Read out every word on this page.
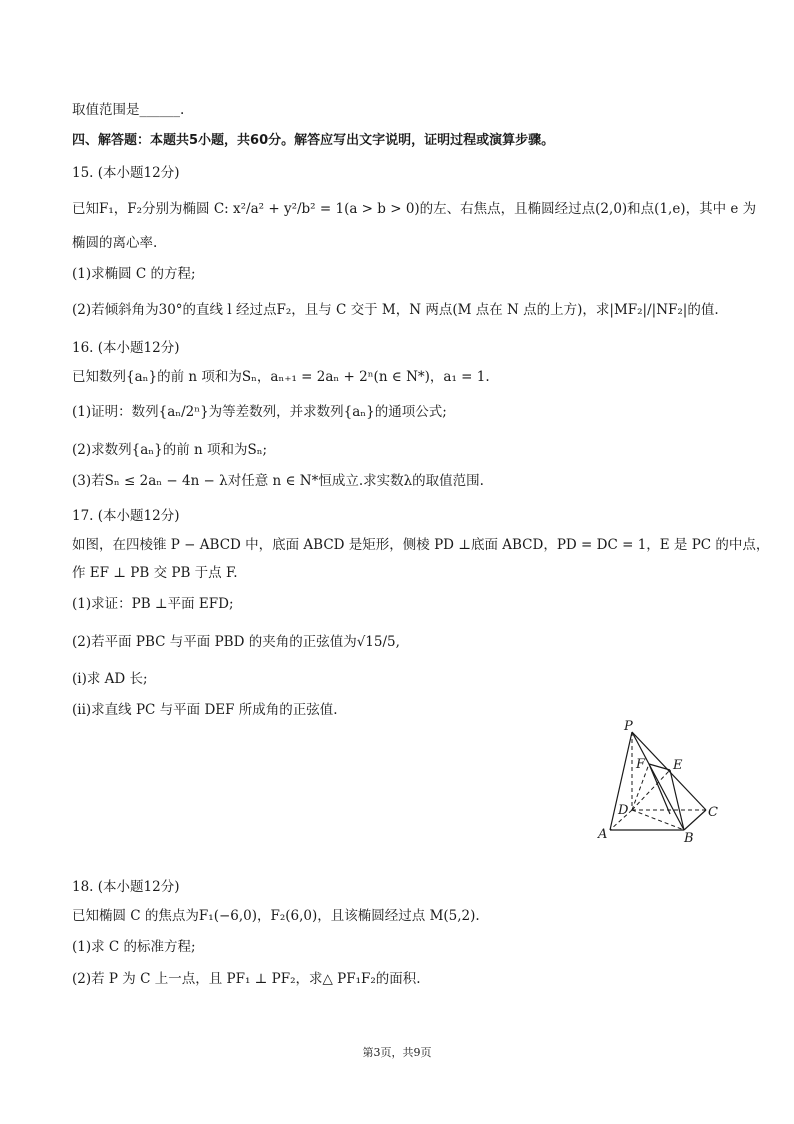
取值范围是______.
四、解答题：本题共5小题，共60分。解答应写出文字说明，证明过程或演算步骤。
15. (本小题12分)
已知F₁，F₂分别为椭圆 C: x²/a² + y²/b² = 1(a > b > 0)的左、右焦点，且椭圆经过点(2,0)和点(1,e)，其中 e 为
椭圆的离心率.
(1)求椭圆 C 的方程;
(2)若倾斜角为30°的直线 l 经过点F₂，且与 C 交于 M，N 两点(M 点在 N 点的上方)，求|MF₂|/|NF₂|的值.
16. (本小题12分)
已知数列{aₙ}的前 n 项和为Sₙ，aₙ₊₁ = 2aₙ + 2ⁿ(n ∈ N*)，a₁ = 1.
(1)证明：数列{aₙ/2ⁿ}为等差数列，并求数列{aₙ}的通项公式;
(2)求数列{aₙ}的前 n 项和为Sₙ;
(3)若Sₙ ≤ 2aₙ − 4n − λ对任意 n ∈ N*恒成立.求实数λ的取值范围.
17. (本小题12分)
如图，在四棱锥 P − ABCD 中，底面 ABCD 是矩形，侧棱 PD ⊥底面 ABCD，PD = DC = 1，E 是 PC 的中点，
作 EF ⊥ PB 交 PB 于点 F.
(1)求证：PB ⊥平面 EFD;
(2)若平面 PBC 与平面 PBD 的夹角的正弦值为√15/5,
(i)求 AD 长;
(ii)求直线 PC 与平面 DEF 所成角的正弦值.
18. (本小题12分)
已知椭圆 C 的焦点为F₁(−6,0)，F₂(6,0)，且该椭圆经过点 M(5,2).
(1)求 C 的标准方程;
(2)若 P 为 C 上一点，且 PF₁ ⊥ PF₂，求△ PF₁F₂的面积.
P
F E
D	C
A	B
第3页，共9页
